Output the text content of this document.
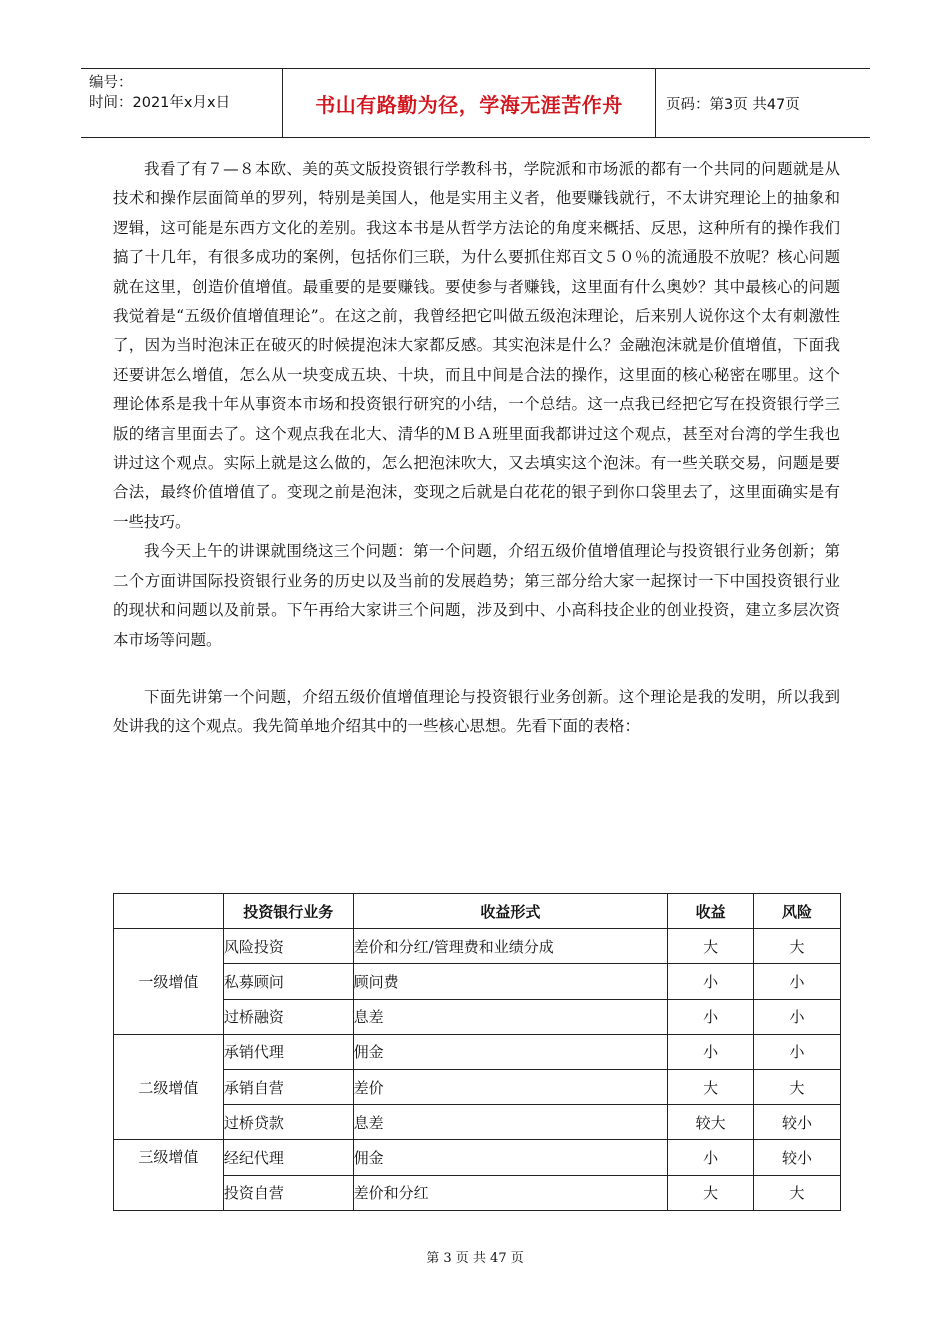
编号：
时间：2021年x月x日	书山有路勤为径，学海无涯苦作舟	页码：第3页 共47页

我看了有７—８本欧、美的英文版投资银行学教科书，学院派和市场派的都有一个共同的问题就是从技术和操作层面简单的罗列，特别是美国人，他是实用主义者，他要赚钱就行，不太讲究理论上的抽象和逻辑，这可能是东西方文化的差别。我这本书是从哲学方法论的角度来概括、反思，这种所有的操作我们搞了十几年，有很多成功的案例，包括你们三联，为什么要抓住郑百文５０％的流通股不放呢？核心问题就在这里，创造价值增值。最重要的是要赚钱。要使参与者赚钱，这里面有什么奥妙？其中最核心的问题我觉着是“五级价值增值理论”。在这之前，我曾经把它叫做五级泡沫理论，后来别人说你这个太有刺激性了，因为当时泡沫正在破灭的时候提泡沫大家都反感。其实泡沫是什么？金融泡沫就是价值增值，下面我还要讲怎么增值，怎么从一块变成五块、十块，而且中间是合法的操作，这里面的核心秘密在哪里。这个理论体系是我十年从事资本市场和投资银行研究的小结，一个总结。这一点我已经把它写在投资银行学三版的绪言里面去了。这个观点我在北大、清华的ＭＢＡ班里面我都讲过这个观点，甚至对台湾的学生我也讲过这个观点。实际上就是这么做的，怎么把泡沫吹大，又去填实这个泡沫。有一些关联交易，问题是要合法，最终价值增值了。变现之前是泡沫，变现之后就是白花花的银子到你口袋里去了，这里面确实是有一些技巧。

我今天上午的讲课就围绕这三个问题：第一个问题，介绍五级价值增值理论与投资银行业务创新；第二个方面讲国际投资银行业务的历史以及当前的发展趋势；第三部分给大家一起探讨一下中国投资银行业的现状和问题以及前景。下午再给大家讲三个问题，涉及到中、小高科技企业的创业投资，建立多层次资本市场等问题。

下面先讲第一个问题，介绍五级价值增值理论与投资银行业务创新。这个理论是我的发明，所以我到处讲我的这个观点。我先简单地介绍其中的一些核心思想。先看下面的表格：

	投资银行业务	收益形式	收益	风险
一级增值	风险投资	差价和分红/管理费和业绩分成	大	大
	私募顾问	顾问费	小	小
	过桥融资	息差	小	小
二级增值	承销代理	佣金	小	小
	承销自营	差价	大	大
	过桥贷款	息差	较大	较小
三级增值	经纪代理	佣金	小	较小
	投资自营	差价和分红	大	大
第 3 页 共 47 页
